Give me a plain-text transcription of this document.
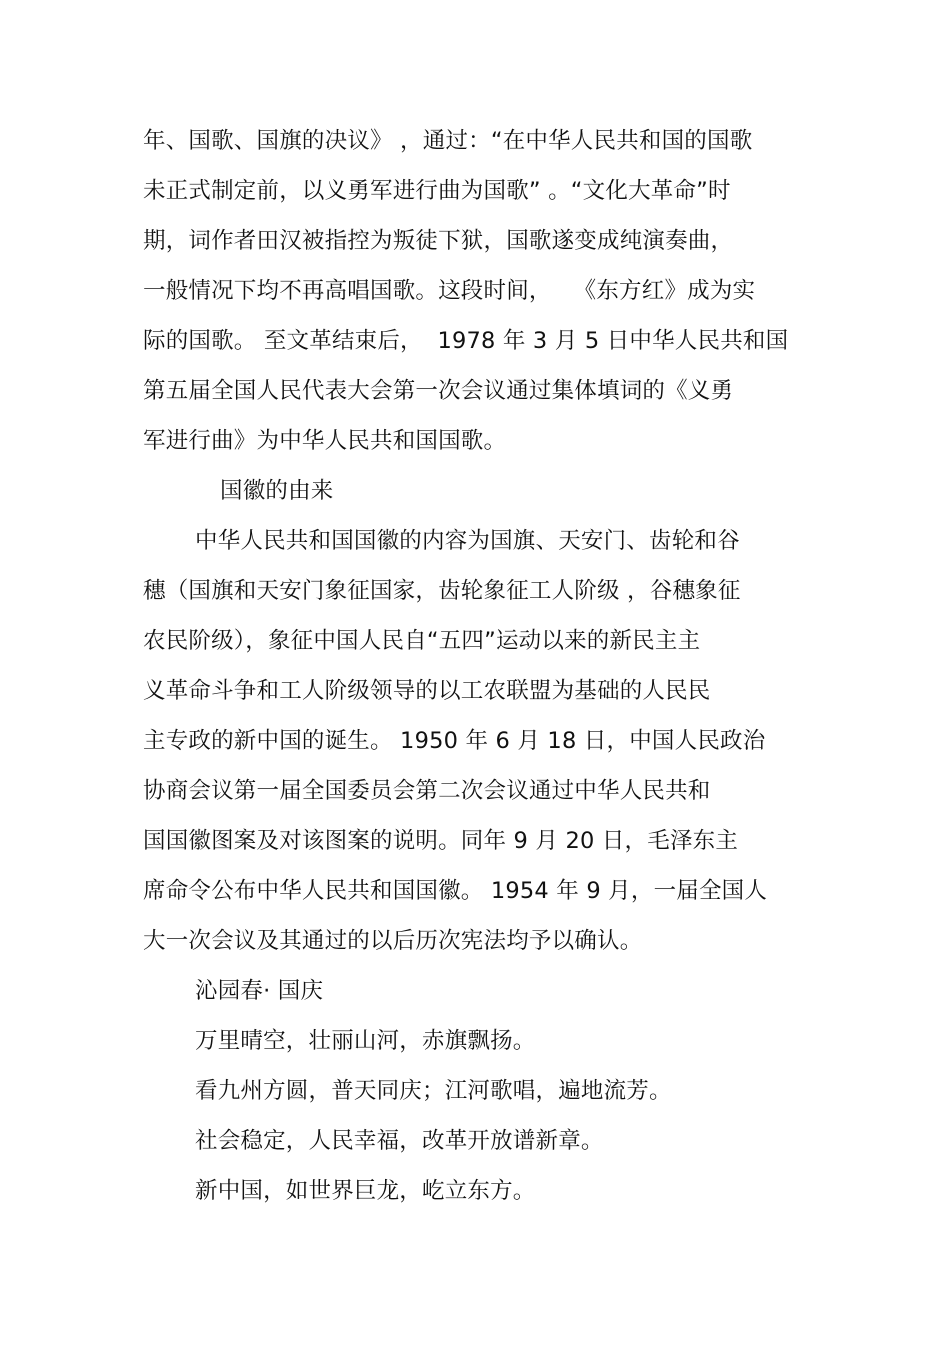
年、国歌、国旗的决议》 ，通过：“在中华人民共和国的国歌
未正式制定前，以义勇军进行曲为国歌” 。“文化大革命”时
期，词作者田汉被指控为叛徒下狱，国歌遂变成纯演奏曲，
一般情况下均不再高唱国歌。这段时间，   《东方红》成为实
际的国歌。 至文革结束后，  1978 年 3 月 5 日中华人民共和国
第五届全国人民代表大会第一次会议通过集体填词的《义勇
军进行曲》为中华人民共和国国歌。
国徽的由来
中华人民共和国国徽的内容为国旗、天安门、齿轮和谷
穗（国旗和天安门象征国家，齿轮象征工人阶级 ，谷穗象征
农民阶级），象征中国人民自“五四”运动以来的新民主主
义革命斗争和工人阶级领导的以工农联盟为基础的人民民
主专政的新中国的诞生。 1950 年 6 月 18 日，中国人民政治
协商会议第一届全国委员会第二次会议通过中华人民共和
国国徽图案及对该图案的说明。同年 9 月 20 日，毛泽东主
席命令公布中华人民共和国国徽。 1954 年 9 月，一届全国人
大一次会议及其通过的以后历次宪法均予以确认。
沁园春· 国庆
万里晴空，壮丽山河，赤旗飘扬。
看九州方圆，普天同庆；江河歌唱，遍地流芳。
社会稳定，人民幸福，改革开放谱新章。
新中国，如世界巨龙，屹立东方。
